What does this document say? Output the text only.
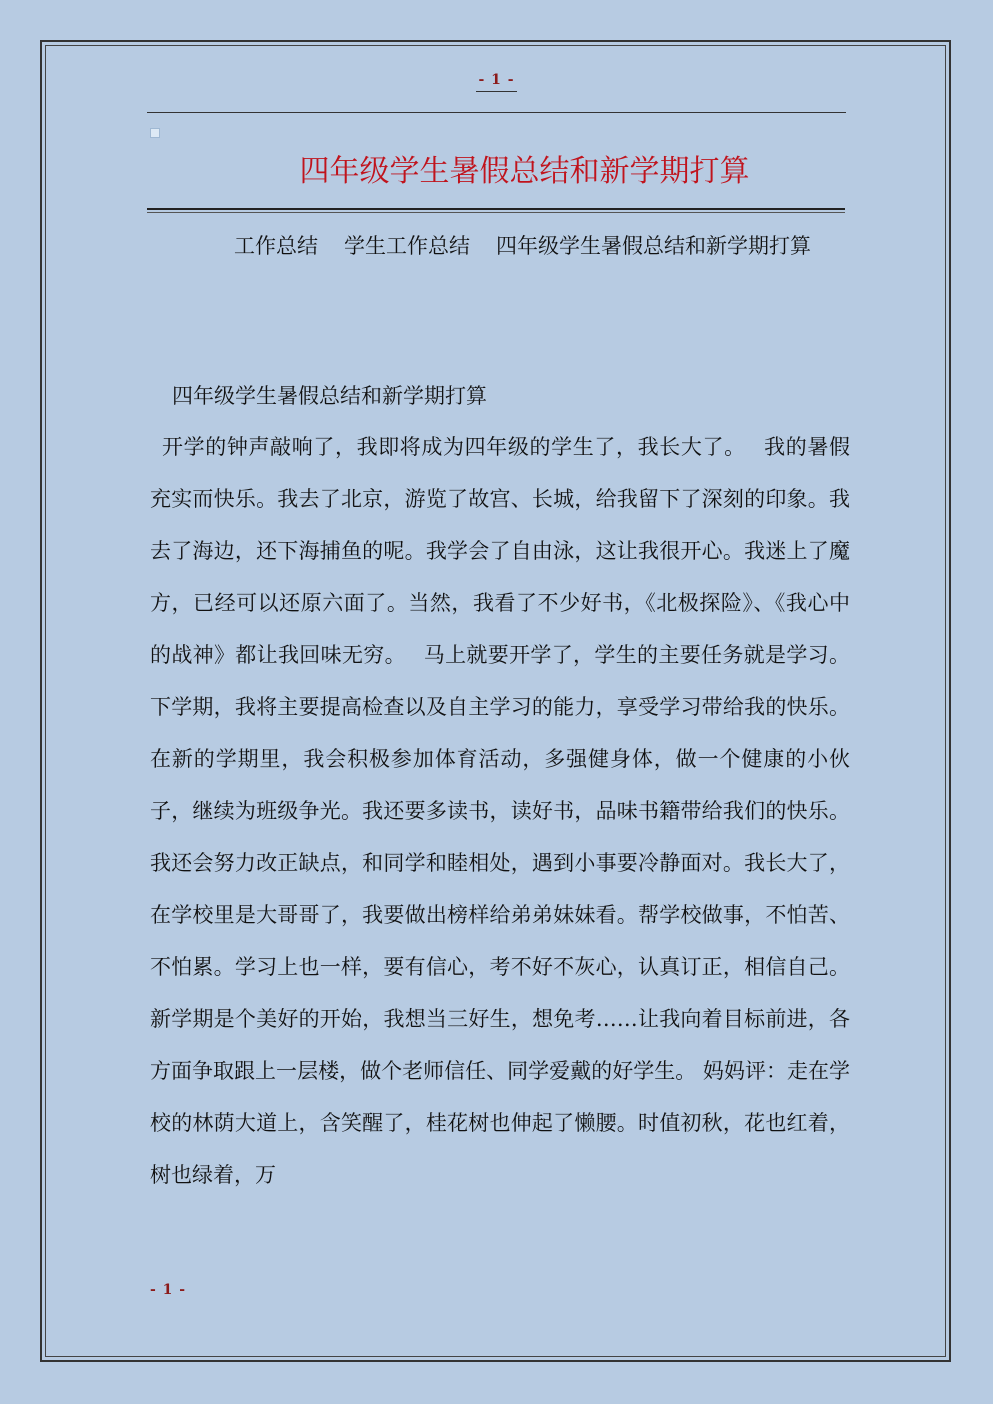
- 1 -
四年级学生暑假总结和新学期打算
工作总结 学生工作总结 四年级学生暑假总结和新学期打算
四年级学生暑假总结和新学期打算
开学的钟声敲响了，我即将成为四年级的学生了，我长大了。　 我的暑假充实而快乐。我去了北京，游览了故宫、长城，给我留下了深刻的印象。我去了海边，还下海捕鱼的呢。我学会了自由泳，这让我很开心。我迷上了魔方，已经可以还原六面了。当然，我看了不少好书，《北极探险》、《我心中的战神》都让我回味无穷。　 马上就要开学了，学生的主要任务就是学习。下学期，我将主要提高检查以及自主学习的能力，享受学习带给我的快乐。在新的学期里，我会积极参加体育活动，多强健身体，做一个健康的小伙子，继续为班级争光。我还要多读书，读好书，品味书籍带给我们的快乐。我还会努力改正缺点，和同学和睦相处，遇到小事要冷静面对。我长大了，在学校里是大哥哥了，我要做出榜样给弟弟妹妹看。帮学校做事，不怕苦、不怕累。学习上也一样，要有信心，考不好不灰心，认真订正，相信自己。 新学期是个美好的开始，我想当三好生，想免考……让我向着目标前进，各方面争取跟上一层楼，做个老师信任、同学爱戴的好学生。 妈妈评：走在学校的林荫大道上，含笑醒了，桂花树也伸起了懒腰。时值初秋，花也红着，树也绿着，万
- 1 -
